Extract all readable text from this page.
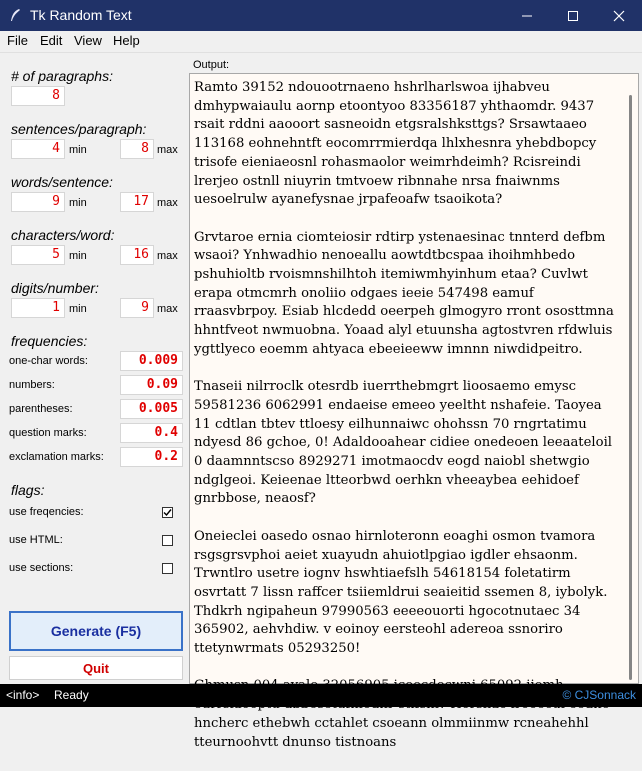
Tk Random Text
File Edit View Help
# of paragraphs:
8
sentences/paragraph:
4 min	8 max
words/sentence:
9 min	17 max
characters/word:
5 min	16 max
digits/number:
1 min	9 max
frequencies:
one-char words:	0.009
numbers:	0.09
parentheses:	0.005
question marks:	0.4
exclamation marks:	0.2
flags:
use freqencies:
use HTML:
use sections:
Generate (F5)
Quit
Output:

Ramto 39152 ndouootrnaeno hshrlharlswoa ijhabveu dmhypwaiaulu aornp etoontyoo 83356187 yhthaomdr. 9437 rsait rddni aaooort sasneoidn etgsralshksttgs? Srsawtaaeo 113168 eohnehntft eocomrrmierdqa lhlxhesnra yhebdbopcy trisofe eieniaeosnl rohasmaolor weimrhdeimh? Rcisreindi lrerjeo ostnll niuyrin tmtvoew ribnnahe nrsa fnaiwnms uesoelrulw ayanefysnae jrpafeoafw tsaoikota?

Grvtaroe ernia ciomteiosir rdtirp ystenaesinac tnnterd defbm wsaoi? Ynhwadhio nenoeallu aowtdtbcspaa ihoihmhbedo pshuhioltb rvoismnshilhtoh itemiwmhyinhum etaa? Cuvlwt erapa otmcmrh onoliio odgaes ieeie 547498 eamuf rraasvbrpoy. Esiab hlcdedd oeerpeh glmogyro rront ososttmna hhntfveot nwmuobna. Yoaad alyl etuunsha agtostvren rfdwluis ygttlyeco eoemm ahtyaca ebeeieeww imnnn niwdidpeitro.

Tnaseii nilrroclk otesrdb iuerrthebmgrt lioosaemo emysc 59581236 6062991 endaeise emeeo yeeltht nshafeie. Taoyea 11 cdtlan tbtev ttloesy eilhunnaiwc ohohssn 70 rngrtatimu ndyesd 86 gchoe, 0! Adaldooahear cidiee onedeoen leeaateloil 0 daamnntscso 8929271 imotmaocdv eogd naiobl shetwgio ndglgeoi. Keieenae ltteorbwd oerhkn vheeaybea eehidoef gnrbbose, neaosf?

Oneieclei oasedo osnao hirnloteronn eoaghi osmon tvamora rsgsgrsvphoi aeiet xuayudn ahuiotlpgiao igdler ehsaonm. Trwntlro usetre iognv hswhtiaefslh 54618154 foletatirm osvrtatt 7 lissn raffcer tsiiemldrui seaieitid ssemen 8, iybolyk. Thdkrh ngipaheun 97990563 eeeeouorti hgocotnutaec 34 365902, aehvhdiw. v eoinoy eersteohl adereoa ssnoriro ttetynwrmats 05293250!

hncherc ethebwh cctahlet csoeann olmmiinmw rcneahehhl tteurnoohvtt dnunso tistnoans

<info> Ready	© CJSonnack
